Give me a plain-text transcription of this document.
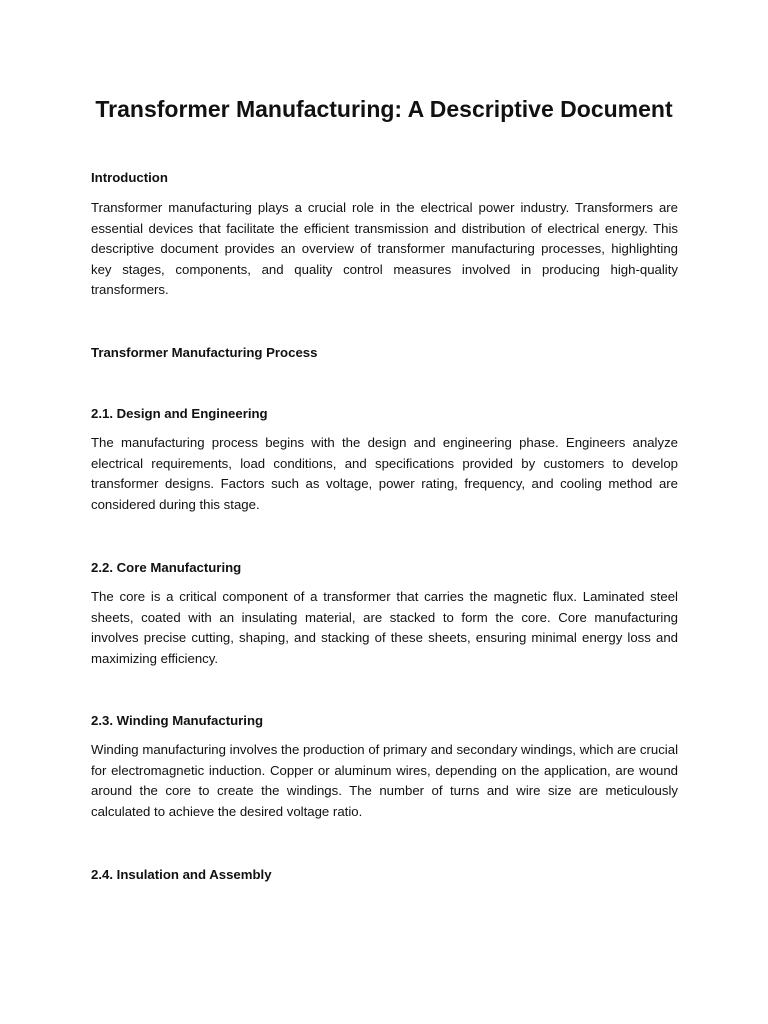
Transformer Manufacturing: A Descriptive Document
Introduction

Transformer manufacturing plays a crucial role in the electrical power industry. Transformers are essential devices that facilitate the efficient transmission and distribution of electrical energy. This descriptive document provides an overview of transformer manufacturing processes, highlighting key stages, components, and quality control measures involved in producing high-quality transformers.

Transformer Manufacturing Process
2.1. Design and Engineering

The manufacturing process begins with the design and engineering phase. Engineers analyze electrical requirements, load conditions, and specifications provided by customers to develop transformer designs. Factors such as voltage, power rating, frequency, and cooling method are considered during this stage.

2.2. Core Manufacturing

The core is a critical component of a transformer that carries the magnetic flux. Laminated steel sheets, coated with an insulating material, are stacked to form the core. Core manufacturing involves precise cutting, shaping, and stacking of these sheets, ensuring minimal energy loss and maximizing efficiency.

2.3. Winding Manufacturing

Winding manufacturing involves the production of primary and secondary windings, which are crucial for electromagnetic induction. Copper or aluminum wires, depending on the application, are wound around the core to create the windings. The number of turns and wire size are meticulously calculated to achieve the desired voltage ratio.

2.4. Insulation and Assembly
